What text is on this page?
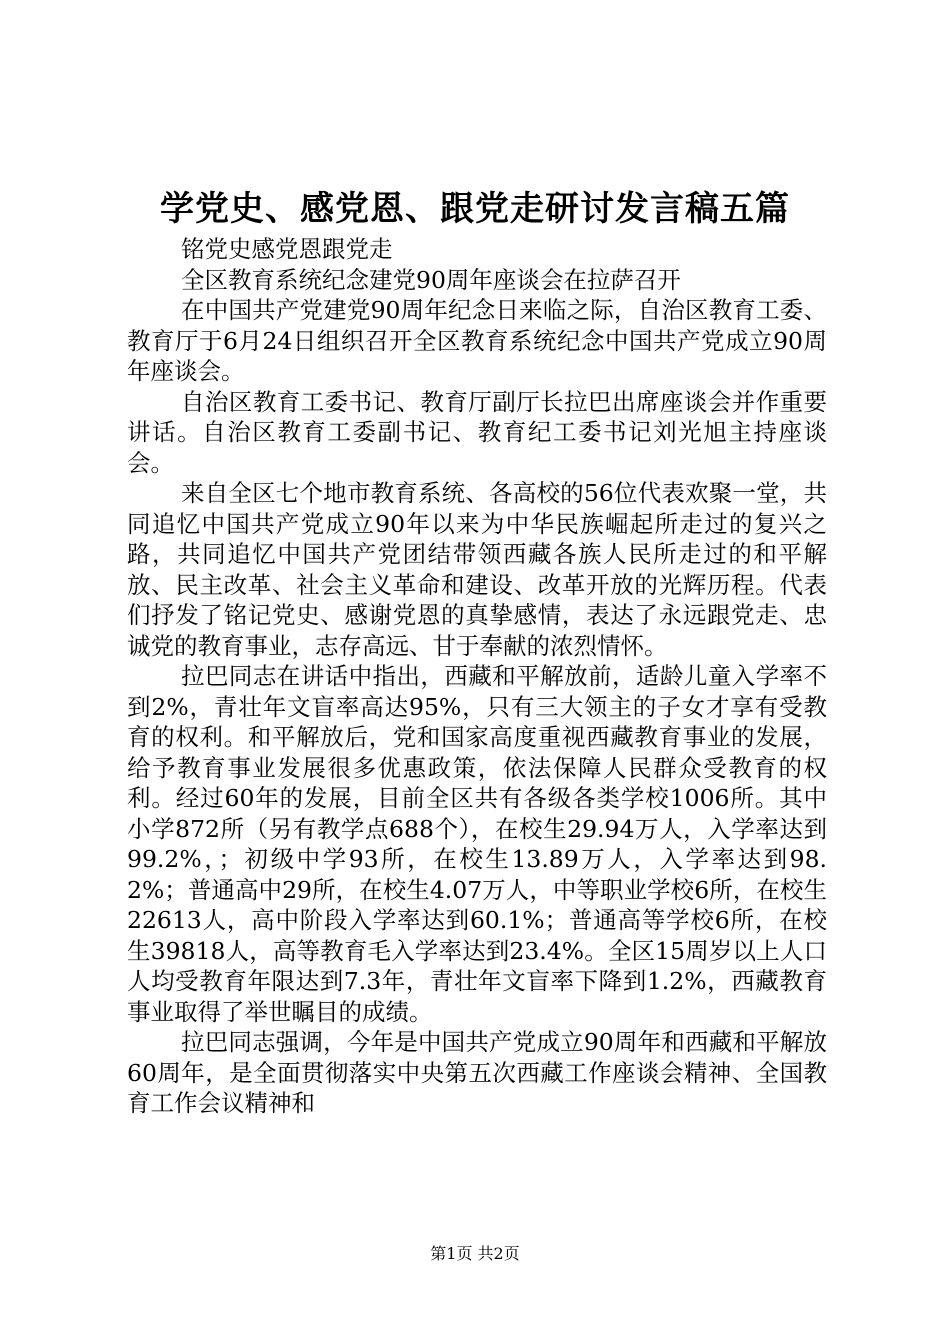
学党史、感党恩、跟党走研讨发言稿五篇

铭党史感党恩跟党走

全区教育系统纪念建党90周年座谈会在拉萨召开

在中国共产党建党90周年纪念日来临之际，自治区教育工委、教育厅于6月24日组织召开全区教育系统纪念中国共产党成立90周年座谈会。

自治区教育工委书记、教育厅副厅长拉巴出席座谈会并作重要讲话。自治区教育工委副书记、教育纪工委书记刘光旭主持座谈会。

来自全区七个地市教育系统、各高校的56位代表欢聚一堂，共同追忆中国共产党成立90年以来为中华民族崛起所走过的复兴之路，共同追忆中国共产党团结带领西藏各族人民所走过的和平解放、民主改革、社会主义革命和建设、改革开放的光辉历程。代表们抒发了铭记党史、感谢党恩的真挚感情，表达了永远跟党走、忠诚党的教育事业，志存高远、甘于奉献的浓烈情怀。

拉巴同志在讲话中指出，西藏和平解放前，适龄儿童入学率不到2%，青壮年文盲率高达95%，只有三大领主的子女才享有受教育的权利。和平解放后，党和国家高度重视西藏教育事业的发展，给予教育事业发展很多优惠政策，依法保障人民群众受教育的权利。经过60年的发展，目前全区共有各级各类学校1006所。其中小学872所（另有教学点688个），在校生29.94万人，入学率达到99.2%，；初级中学93所，在校生13.89万人，入学率达到98.2%；普通高中29所，在校生4.07万人，中等职业学校6所，在校生22613人，高中阶段入学率达到60.1%；普通高等学校6所，在校生39818人，高等教育毛入学率达到23.4%。全区15周岁以上人口人均受教育年限达到7.3年，青壮年文盲率下降到1.2%，西藏教育事业取得了举世瞩目的成绩。

拉巴同志强调，今年是中国共产党成立90周年和西藏和平解放60周年，是全面贯彻落实中央第五次西藏工作座谈会精神、全国教育工作会议精神和

第1页 共2页
